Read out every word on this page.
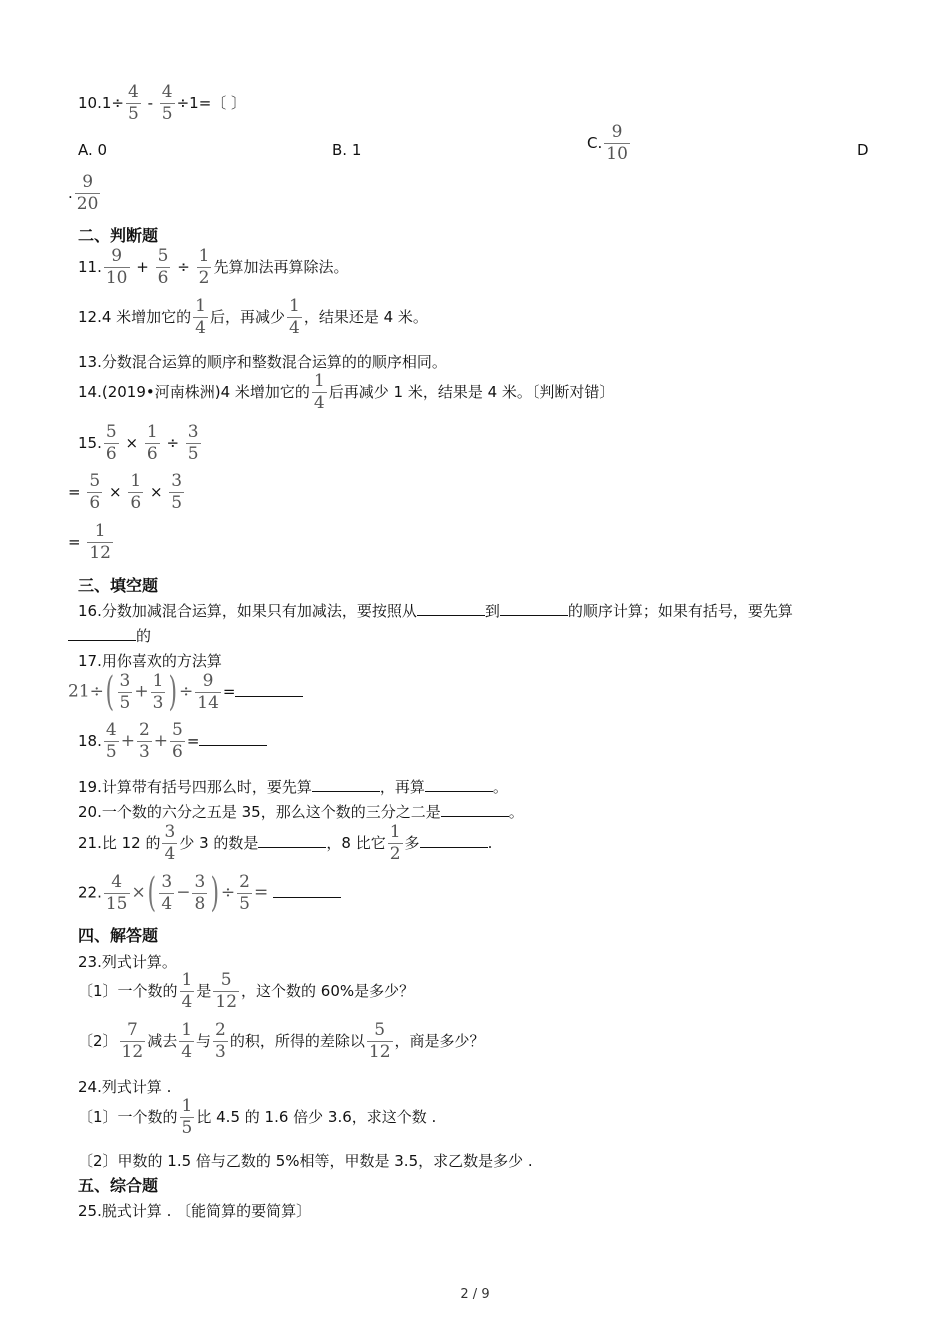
$10.1\div \frac{4}{5} - \frac{4}{5} \div 1=$〔 〕
A. 0	B. 1	C. $\frac{9}{10}$	D
. $\frac{9}{20}$
二、判断题
11. $\frac{9}{10} + \frac{5}{6} \div \frac{1}{2}$ 先算加法再算除法。
12.4 米增加它的 $\frac{1}{4}$ 后，再减少 $\frac{1}{4}$ ，结果还是 4 米。
13.分数混合运算的顺序和整数混合运算的的顺序相同。
14.(2019•河南株洲)4 米增加它的 $\frac{1}{4}$ 后再减少 1 米，结果是 4 米。〔判断对错〕
15. $\frac{5}{6} \times \frac{1}{6} \div \frac{3}{5}$
= $\frac{5}{6} \times \frac{1}{6} \times \frac{3}{5}$
= $\frac{1}{12}$
三、填空题
16.分数加减混合运算，如果只有加减法，要按照从	到	的顺序计算；如果有括号，要先算
的
17.用你喜欢的方法算
$21\div( \frac{3}{5} + \frac{1}{3}$ )÷ $\frac{9}{14}$ =
18. $\frac{4}{5} + \frac{2}{3} + \frac{5}{6}$ =
19.计算带有括号四那么时，要先算	，再算	。
20.一个数的六分之五是 35，那么这个数的三分之二是	。
21.比 12 的 $\frac{3}{4}$ 少 3 的数是	，8 比它 $\frac{1}{2}$ 多	.
22. $\frac{4}{15}$ ×( $\frac{3}{4} - \frac{3}{8}$ )÷ $\frac{2}{5}$ =
四、解答题
23.列式计算。
〔1〕一个数的 $\frac{1}{4}$ 是 $\frac{5}{12}$ ，这个数的 60%是多少？
〔2〕 $\frac{7}{12}$ 减去 $\frac{1}{4}$ 与 $\frac{2}{3}$ 的积，所得的差除以 $\frac{5}{12}$ ，商是多少？
24.列式计算 .
〔1〕一个数的 $\frac{1}{5}$ 比 4.5 的 1.6 倍少 3.6，求这个数 .
〔2〕甲数的 1.5 倍与乙数的 5%相等，甲数是 3.5，求乙数是多少 .
五、综合题
25.脱式计算 . 〔能简算的要简算〕
2 / 9
